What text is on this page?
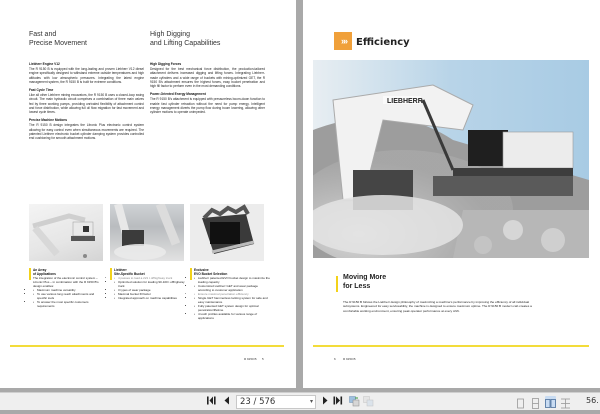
Fast and
Precise Movement
High Digging
and Lifting Capabilities
Liebherr Engine V12
The R 9150 B is equipped with the long-lasting and proven Liebherr V12 diesel engine specifically designed to withstand extreme outside temperatures and high altitudes with low atmospheric pressures. Integrating the latest engine management system, the R 9150 B is built for extreme conditions.
Fast Cycle Time
Like all other Liebherr mining excavators, the R 9150 B uses a closed-loop swing circuit. The main hydraulic circuit comprises a combination of three main valves fed by three working pumps, providing unrivaled flexibility of attachment control and force distribution, while allowing full oil flow migration for fast movement and lowest cycle times.
Precise Machine Motions
The R 9150 B design integrates the Litronic Plus electronic control system allowing for easy control even when simultaneous movements are required. The patented Liebherr electronic bucket cylinder damping system provides controlled end cushioning for smooth attachment motions.
High Digging Forces
Designed for the best mechanical force distribution, the production-tailored attachment delivers increased digging and lifting forces. Integrating Liebherr-made cylinders and a wide range of buckets with mining-optimized GET, the R 9150 B's attachment ensures the highest forces, easy bucket penetration and high fill factor to perform even in the most demanding conditions.
Power-Oriented Energy Management
The R 9150 B's attachment is equipped with pressureless boom-down function to enable fast cylinder retraction without the need for pump energy. Intelligent energy management diverts the pump flow during boom lowering, allowing other cylinder motions to operate unimpeded.
An Array
of Applications
The integration of the electronic control system – Litronic Plus – in combination with the R 9150 B's design enables:
• • Maximum machine versatility
• • To use various long reach attachments and specific tools
• • To answer the most specific customers requirements
Liebherr
Site-Specific Bucket
• • 4 passes to load a 221 t offhighway truck
• • Optimized solution for loading 90-100 t offhighway truck
• • 3 types of wear package
• • Maximal bucket fill factor
• • Integrated approach on machine capabilities
Exclusive
EVO Bucket Selection
• • Liebherr patented EVO bucket design to maximize the loading capacity
• • Customized Liebherr GET and wear package according to customer application
• • Ensure maximal penetration efficiency
• • Single GET hammerless locking system for safe and easy maintenance
• • Fully patented GET system design for optimal penetration/lifetime
• • 4 tooth profiles available for various range of applications
R 9150 B 5
»»	Efficiency
LIEBHERR
Moving More
for Less
The R 9150 B follows the Liebherr design philosophy of maximizing a machine's performance by improving the efficiency of all individual subsystems. Engineered for easy serviceability, the machine is designed to ensure maximum uptime. The R 9150 B modern cab creates a comfortable working environment, ensuring peak operator performance at every shift.
6 R 9150 B
23 / 576	▾	56.
